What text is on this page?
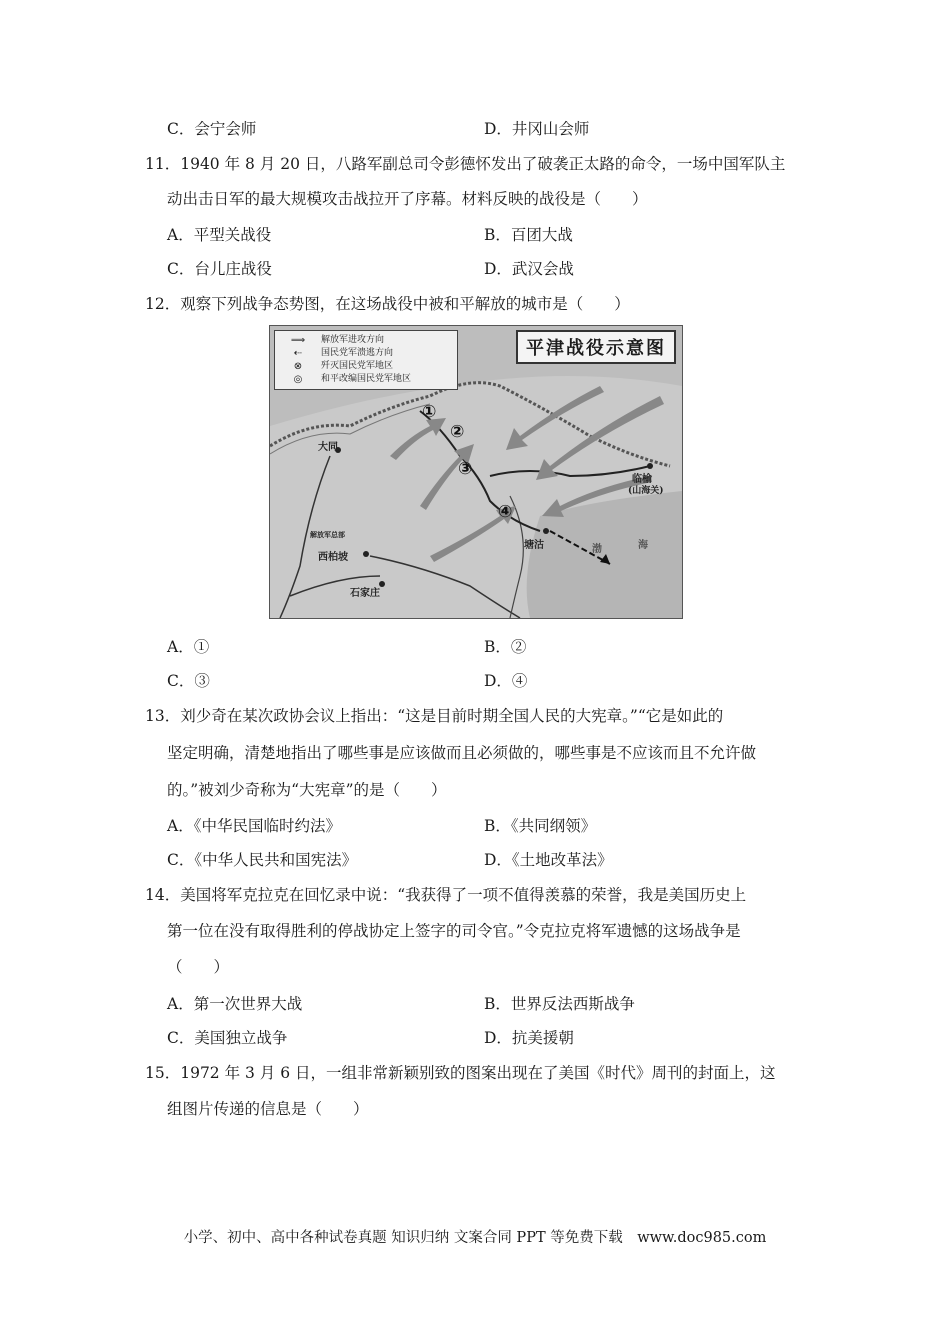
C．会宁会师	D．井冈山会师
11．1940 年 8 月 20 日，八路军副总司令彭德怀发出了破袭正太路的命令，一场中国军队主
动出击日军的最大规模攻击战拉开了序幕。材料反映的战役是（　　）
A．平型关战役	B．百团大战
C．台儿庄战役	D．武汉会战
12．观察下列战争态势图，在这场战役中被和平解放的城市是（　　）
⟹	解放军进攻方向
⇠	国民党军溃逃方向
⊗	歼灭国民党军地区
◎	和平改编国民党军地区
平津战役示意图
大同
解放军总部
西柏坡
石家庄
临榆
(山海关)
塘沽	渤	海
①
②
③
④
A．①	B．②
C．③	D．④
13．刘少奇在某次政协会议上指出：“这是目前时期全国人民的大宪章。”“它是如此的
坚定明确，清楚地指出了哪些事是应该做而且必须做的，哪些事是不应该而且不允许做
的。”被刘少奇称为“大宪章”的是（　　）
A．《中华民国临时约法》	B．《共同纲领》
C．《中华人民共和国宪法》	D．《土地改革法》
14．美国将军克拉克在回忆录中说：“我获得了一项不值得羡慕的荣誉，我是美国历史上
第一位在没有取得胜利的停战协定上签字的司令官。”令克拉克将军遗憾的这场战争是
（　　）
A．第一次世界大战	B．世界反法西斯战争
C．美国独立战争	D．抗美援朝
15．1972 年 3 月 6 日，一组非常新颖别致的图案出现在了美国《时代》周刊的封面上，这
组图片传递的信息是（　　）
小学、初中、高中各种试卷真题 知识归纳 文案合同 PPT 等免费下载　www.doc985.com
